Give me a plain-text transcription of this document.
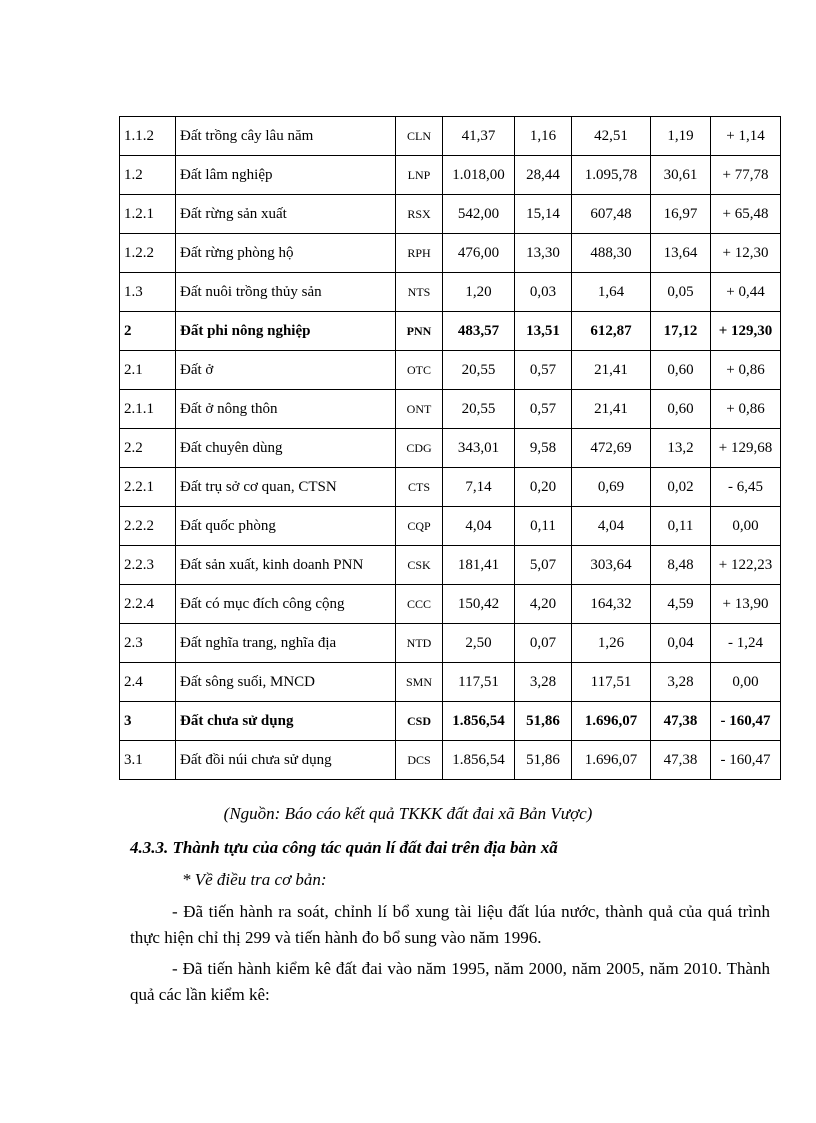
1.1.2	Đất trồng cây lâu năm	CLN	41,37	1,16	42,51	1,19	+ 1,14
1.2	Đất lâm nghiệp	LNP	1.018,00	28,44	1.095,78	30,61	+ 77,78
1.2.1	Đất rừng sản xuất	RSX	542,00	15,14	607,48	16,97	+ 65,48
1.2.2	Đất rừng phòng hộ	RPH	476,00	13,30	488,30	13,64	+ 12,30
1.3	Đất nuôi trồng thủy sản	NTS	1,20	0,03	1,64	0,05	+ 0,44
2	Đất phi nông nghiệp	PNN	483,57	13,51	612,87	17,12	+ 129,30
2.1	Đất ở	OTC	20,55	0,57	21,41	0,60	+ 0,86
2.1.1	Đất ở nông thôn	ONT	20,55	0,57	21,41	0,60	+ 0,86
2.2	Đất chuyên dùng	CDG	343,01	9,58	472,69	13,2	+ 129,68
2.2.1	Đất trụ sở cơ quan, CTSN	CTS	7,14	0,20	0,69	0,02	- 6,45
2.2.2	Đất quốc phòng	CQP	4,04	0,11	4,04	0,11	0,00
2.2.3	Đất sản xuất, kinh doanh PNN	CSK	181,41	5,07	303,64	8,48	+ 122,23
2.2.4	Đất có mục đích công cộng	CCC	150,42	4,20	164,32	4,59	+ 13,90
2.3	Đất nghĩa trang, nghĩa địa	NTD	2,50	0,07	1,26	0,04	- 1,24
2.4	Đất sông suối, MNCD	SMN	117,51	3,28	117,51	3,28	0,00
3	Đất chưa sử dụng	CSD	1.856,54	51,86	1.696,07	47,38	- 160,47
3.1	Đất đồi núi chưa sử dụng	DCS	1.856,54	51,86	1.696,07	47,38	- 160,47
(Nguồn: Báo cáo kết quả TKKK đất đai xã Bản Vược)
4.3.3. Thành tựu của công tác quản lí đất đai trên địa bàn xã
* Về điều tra cơ bản:
- Đã tiến hành ra soát, chỉnh lí bổ xung tài liệu đất lúa nước, thành quả của quá trình thực hiện chỉ thị 299 và tiến hành đo bổ sung vào năm 1996.
- Đã tiến hành kiểm kê đất đai vào năm 1995, năm 2000, năm 2005, năm 2010. Thành quả các lần kiểm kê:
